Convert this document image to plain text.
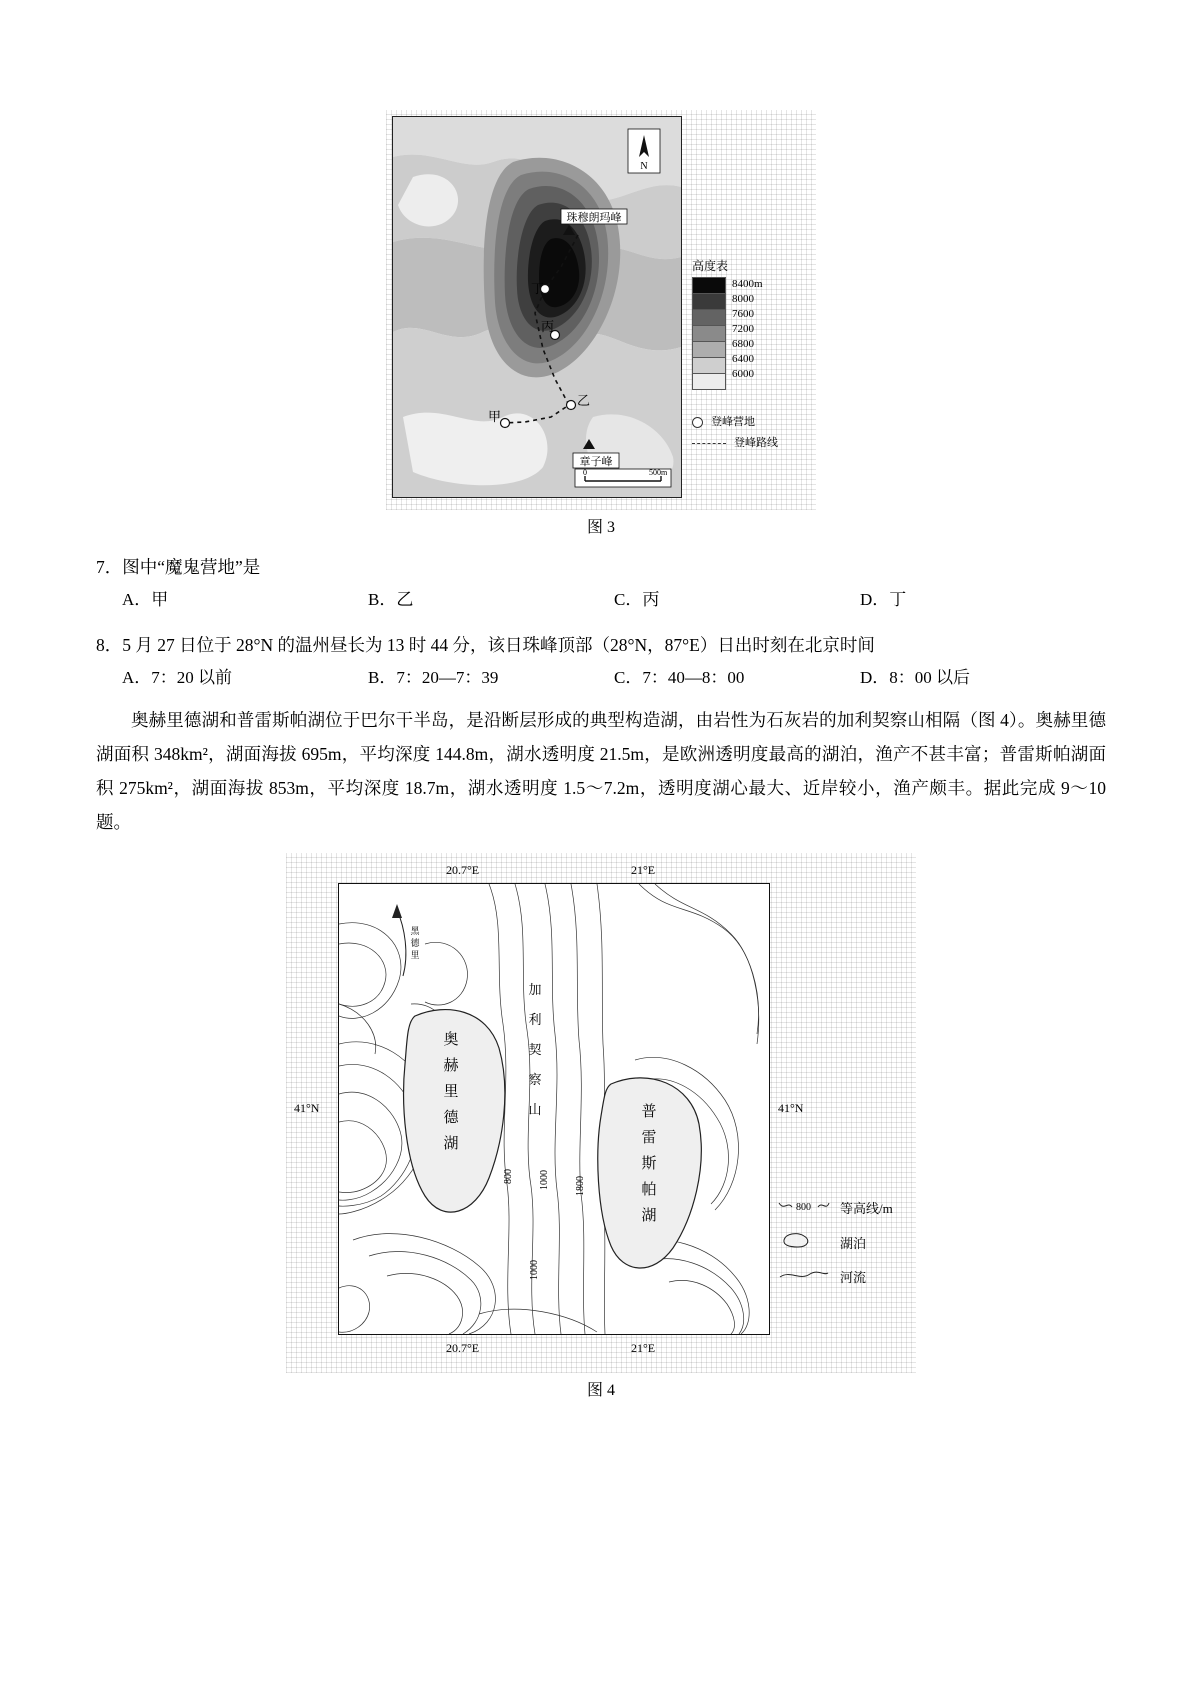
珠穆朗玛峰
章子峰
丁
丙
乙
甲
N
0	500m
高度表
8400m
8000
7600
7200
6800
6400
6000
登峰营地
登峰路线
图 3
7．图中“魔鬼营地”是
A．甲	B．乙	C．丙	D．丁
8．5 月 27 日位于 28°N 的温州昼长为 13 时 44 分，该日珠峰顶部（28°N，87°E）日出时刻在北京时间
A．7：20 以前	B．7：20—7：39	C．7：40—8：00	D．8：00 以后
奥赫里德湖和普雷斯帕湖位于巴尔干半岛，是沿断层形成的典型构造湖，由岩性为石灰岩的加利契察山相隔（图 4）。奥赫里德湖面积 348km²，湖面海拔 695m，平均深度 144.8m，湖水透明度 21.5m，是欧洲透明度最高的湖泊，渔产不甚丰富；普雷斯帕湖面积 275km²，湖面海拔 853m，平均深度 18.7m，湖水透明度 1.5～7.2m，透明度湖心最大、近岸较小，渔产颇丰。据此完成 9～10 题。
20.7°E	21°E
20.7°E	21°E
41°N	41°N
奥
赫
里
德
湖
普
雷
斯
帕
湖
加
利
契
察
山
黑
德
里
800	1000	1800
1000
800 等高线/m
湖泊
河流
图 4
